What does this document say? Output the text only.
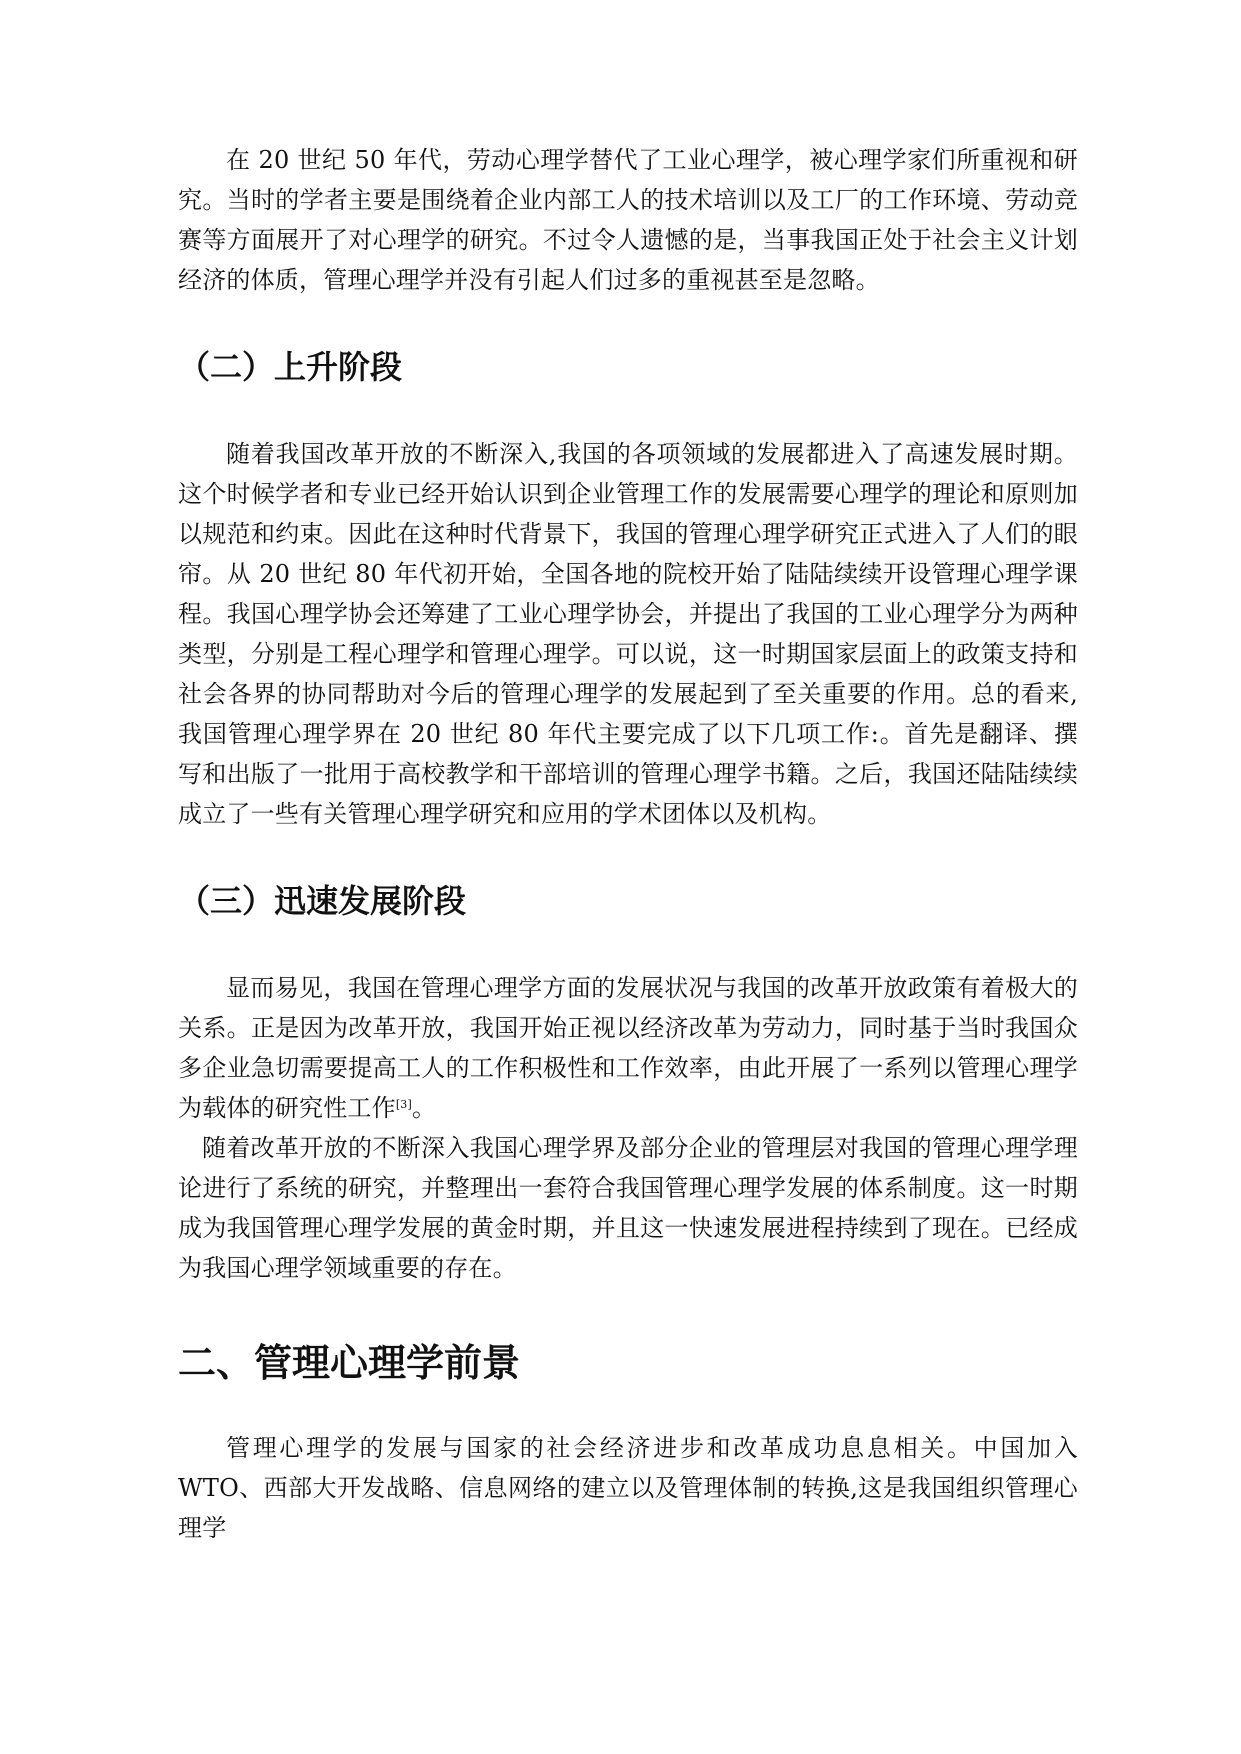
在 20 世纪 50 年代，劳动心理学替代了工业心理学，被心理学家们所重视和研究。当时的学者主要是围绕着企业内部工人的技术培训以及工厂的工作环境、劳动竞赛等方面展开了对心理学的研究。不过令人遗憾的是，当事我国正处于社会主义计划经济的体质，管理心理学并没有引起人们过多的重视甚至是忽略。

（二）上升阶段

随着我国改革开放的不断深入,我国的各项领域的发展都进入了高速发展时期。这个时候学者和专业已经开始认识到企业管理工作的发展需要心理学的理论和原则加以规范和约束。因此在这种时代背景下，我国的管理心理学研究正式进入了人们的眼帘。从 20 世纪 80 年代初开始，全国各地的院校开始了陆陆续续开设管理心理学课程。我国心理学协会还筹建了工业心理学协会，并提出了我国的工业心理学分为两种类型，分别是工程心理学和管理心理学。可以说，这一时期国家层面上的政策支持和社会各界的协同帮助对今后的管理心理学的发展起到了至关重要的作用。总的看来,我国管理心理学界在 20 世纪 80 年代主要完成了以下几项工作:。首先是翻译、撰写和出版了一批用于高校教学和干部培训的管理心理学书籍。之后，我国还陆陆续续成立了一些有关管理心理学研究和应用的学术团体以及机构。

（三）迅速发展阶段

显而易见，我国在管理心理学方面的发展状况与我国的改革开放政策有着极大的关系。正是因为改革开放，我国开始正视以经济改革为劳动力，同时基于当时我国众多企业急切需要提高工人的工作积极性和工作效率，由此开展了一系列以管理心理学为载体的研究性工作[3]。

随着改革开放的不断深入我国心理学界及部分企业的管理层对我国的管理心理学理论进行了系统的研究，并整理出一套符合我国管理心理学发展的体系制度。这一时期成为我国管理心理学发展的黄金时期，并且这一快速发展进程持续到了现在。已经成为我国心理学领域重要的存在。

二、管理心理学前景

管理心理学的发展与国家的社会经济进步和改革成功息息相关。中国加入 WTO、西部大开发战略、信息网络的建立以及管理体制的转换,这是我国组织管理心理学
